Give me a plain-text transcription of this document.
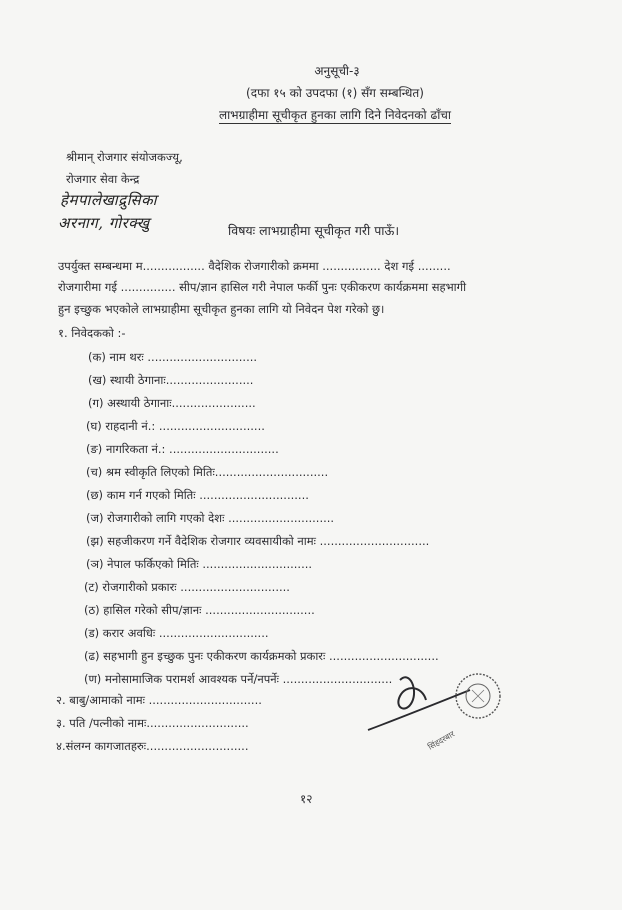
अनुसूची-३
(दफा १५ को उपदफा (१) सँग सम्बन्धित)
लाभग्राहीमा सूचीकृत हुनका लागि दिने निवेदनको ढाँचा
श्रीमान् रोजगार संयोजकज्यू,
रोजगार सेवा केन्द्र
हेमपालेखाद्रुसिका
अरनाग, गोरक्खु	विषयः लाभग्राहीमा सूचीकृत गरी पाऊँ।
उपर्युक्त सम्बन्धमा म................. वैदेशिक रोजगारीको क्रममा ................ देश गई .........
रोजगारीमा गई ............... सीप/ज्ञान हासिल गरी नेपाल फर्की पुनः एकीकरण कार्यक्रममा सहभागी
हुन इच्छुक भएकोले लाभग्राहीमा सूचीकृत हुनका लागि यो निवेदन पेश गरेको छु।
१. निवेदकको :-
(क) नाम थरः ..............................
(ख) स्थायी ठेगानाः........................
(ग) अस्थायी ठेगानाः.......................
(घ) राहदानी नं.: .............................
(ङ) नागरिकता नं.: ..............................
(च) श्रम स्वीकृति लिएको मितिः...............................
(छ) काम गर्न गएको मितिः ..............................
(ज) रोजगारीको लागि गएको देशः .............................
(झ) सहजीकरण गर्ने वैदेशिक रोजगार व्यवसायीको नामः ..............................
(ञ) नेपाल फर्किएको मितिः ..............................
(ट) रोजगारीको प्रकारः ..............................
(ठ) हासिल गरेको सीप/ज्ञानः ..............................
(ड) करार अवधिः ..............................
(ढ) सहभागी हुन इच्छुक पुनः एकीकरण कार्यक्रमको प्रकारः ..............................
(ण) मनोसामाजिक परामर्श आवश्यक पर्ने/नपर्नेः ..............................
२. बाबु/आमाको नामः ...............................
३. पति /पत्नीको नामः............................
४.संलग्न कागजातहरुः............................	सिंहदरबार
१२
